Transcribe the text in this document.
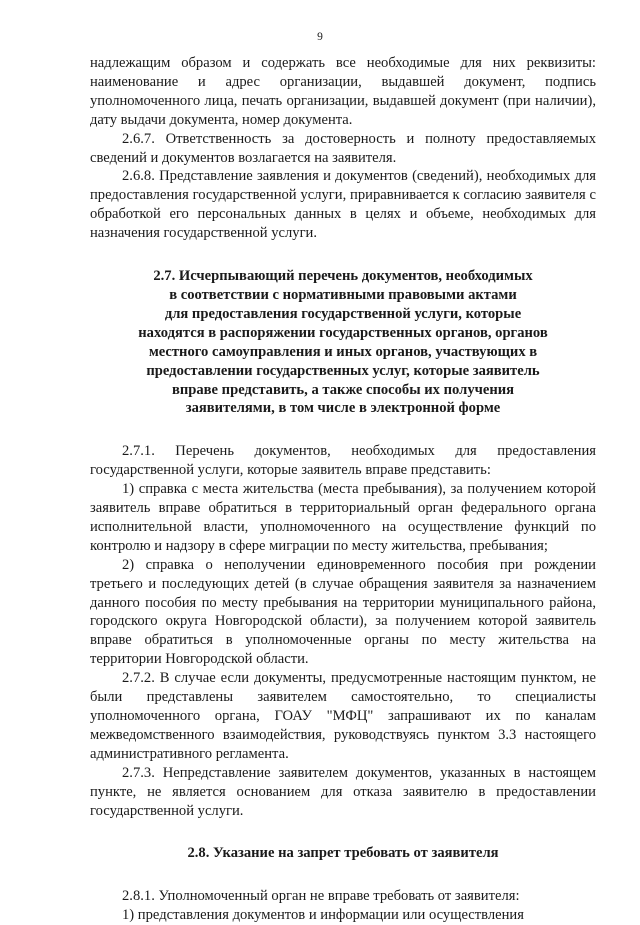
9

надлежащим образом и содержать все необходимые для них реквизиты: наименование и адрес организации, выдавшей документ, подпись уполномоченного лица, печать организации, выдавшей документ (при наличии), дату выдачи документа, номер документа.

2.6.7. Ответственность за достоверность и полноту предоставляемых сведений и документов возлагается на заявителя.

2.6.8. Представление заявления и документов (сведений), необходимых для предоставления государственной услуги, приравнивается к согласию заявителя с обработкой его персональных данных в целях и объеме, необходимых для назначения государственной услуги.

2.7. Исчерпывающий перечень документов, необходимых
в соответствии с нормативными правовыми актами
для предоставления государственной услуги, которые
находятся в распоряжении государственных органов, органов
местного самоуправления и иных органов, участвующих в
предоставлении государственных услуг, которые заявитель
вправе представить, а также способы их получения
заявителями, в том числе в электронной форме

2.7.1. Перечень документов, необходимых для предоставления государственной услуги, которые заявитель вправе представить:

1) справка с места жительства (места пребывания), за получением которой заявитель вправе обратиться в территориальный орган федерального органа исполнительной власти, уполномоченного на осуществление функций по контролю и надзору в сфере миграции по месту жительства, пребывания;

2) справка о неполучении единовременного пособия при рождении третьего и последующих детей (в случае обращения заявителя за назначением данного пособия по месту пребывания на территории муниципального района, городского округа Новгородской области), за получением которой заявитель вправе обратиться в уполномоченные органы по месту жительства на территории Новгородской области.

2.7.2. В случае если документы, предусмотренные настоящим пунктом, не были представлены заявителем самостоятельно, то специалисты уполномоченного органа, ГОАУ "МФЦ" запрашивают их по каналам межведомственного взаимодействия, руководствуясь пунктом 3.3 настоящего административного регламента.

2.7.3. Непредставление заявителем документов, указанных в настоящем пункте, не является основанием для отказа заявителю в предоставлении государственной услуги.

2.8. Указание на запрет требовать от заявителя

2.8.1. Уполномоченный орган не вправе требовать от заявителя:

1) представления документов и информации или осуществления
